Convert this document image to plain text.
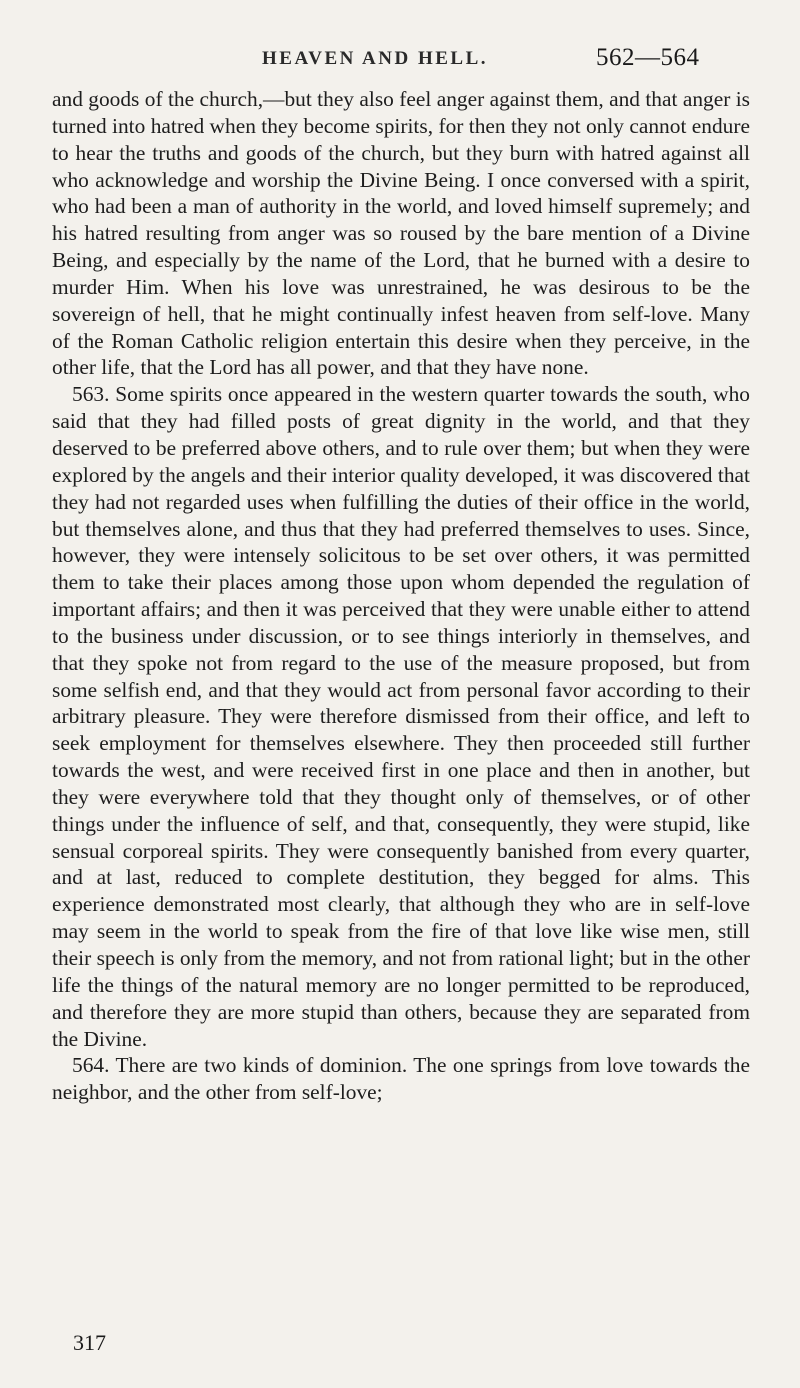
HEAVEN AND HELL.	562—564

and goods of the church,—but they also feel anger against them, and that anger is turned into hatred when they become spirits, for then they not only cannot endure to hear the truths and goods of the church, but they burn with hatred against all who acknowledge and worship the Divine Being. I once conversed with a spirit, who had been a man of authority in the world, and loved himself supremely; and his hatred resulting from anger was so roused by the bare mention of a Divine Being, and especially by the name of the Lord, that he burned with a desire to murder Him. When his love was unrestrained, he was desirous to be the sovereign of hell, that he might continually infest heaven from self-love. Many of the Roman Catholic religion entertain this desire when they perceive, in the other life, that the Lord has all power, and that they have none.

563. Some spirits once appeared in the western quarter towards the south, who said that they had filled posts of great dignity in the world, and that they deserved to be preferred above others, and to rule over them; but when they were explored by the angels and their interior quality developed, it was discovered that they had not regarded uses when fulfilling the duties of their office in the world, but themselves alone, and thus that they had preferred themselves to uses. Since, however, they were intensely solicitous to be set over others, it was permitted them to take their places among those upon whom depended the regulation of important affairs; and then it was perceived that they were unable either to attend to the business under discussion, or to see things interiorly in themselves, and that they spoke not from regard to the use of the measure proposed, but from some selfish end, and that they would act from personal favor according to their arbitrary pleasure. They were therefore dismissed from their office, and left to seek employment for themselves elsewhere. They then proceeded still further towards the west, and were received first in one place and then in another, but they were everywhere told that they thought only of themselves, or of other things under the influence of self, and that, consequently, they were stupid, like sensual corporeal spirits. They were consequently banished from every quarter, and at last, reduced to complete destitution, they begged for alms. This experience demonstrated most clearly, that although they who are in self-love may seem in the world to speak from the fire of that love like wise men, still their speech is only from the memory, and not from rational light; but in the other life the things of the natural memory are no longer permitted to be reproduced, and therefore they are more stupid than others, because they are separated from the Divine.

564. There are two kinds of dominion. The one springs from love towards the neighbor, and the other from self-love;

317
